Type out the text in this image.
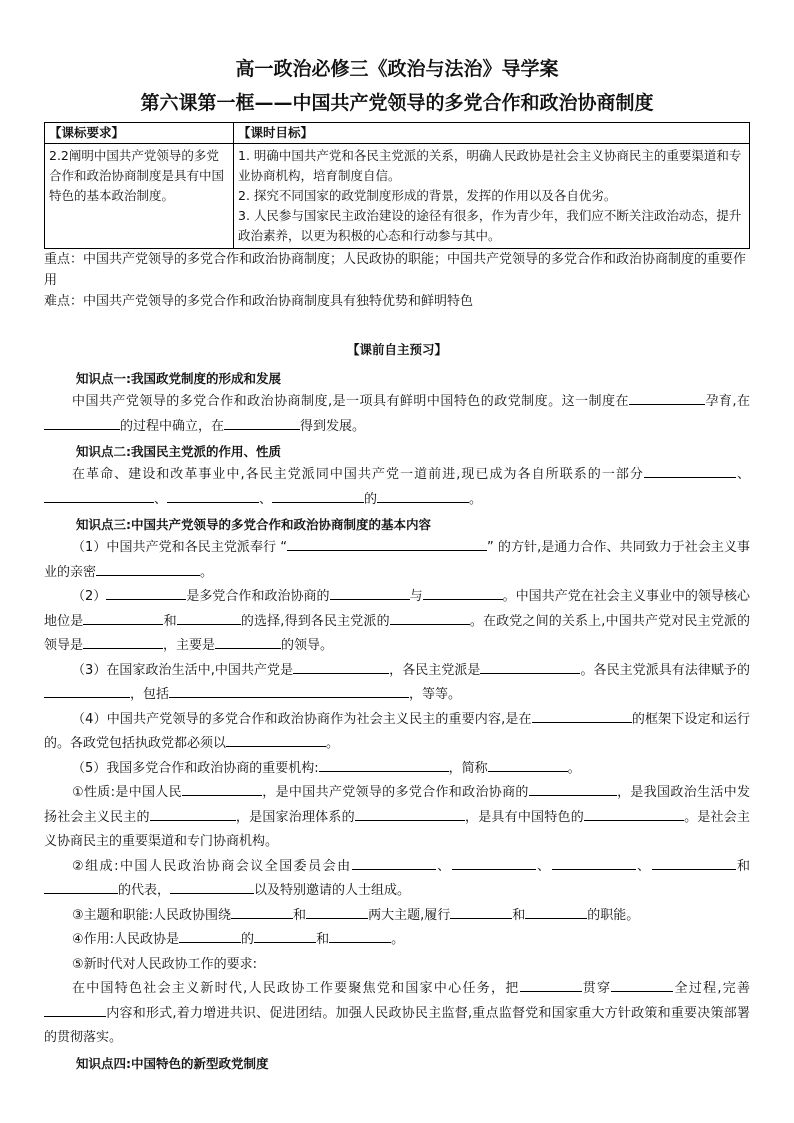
高一政治必修三《政治与法治》导学案
第六课第一框——中国共产党领导的多党合作和政治协商制度
【课标要求】	【课时目标】
2.2阐明中国共产党领导的多党合作和政治协商制度是具有中国特色的基本政治制度。	1. 明确中国共产党和各民主党派的关系，明确人民政协是社会主义协商民主的重要渠道和专业协商机构，培育制度自信。
2. 探究不同国家的政党制度形成的背景，发挥的作用以及各自优劣。
3. 人民参与国家民主政治建设的途径有很多，作为青少年，我们应不断关注政治动态，提升政治素养，以更为积极的心态和行动参与其中。

重点：中国共产党领导的多党合作和政治协商制度；人民政协的职能；中国共产党领导的多党合作和政治协商制度的重要作用

难点：中国共产党领导的多党合作和政治协商制度具有独特优势和鲜明特色

【课前自主预习】
知识点一:我国政党制度的形成和发展

中国共产党领导的多党合作和政治协商制度,是一项具有鲜明中国特色的政党制度。这一制度在	孕育,在的过程中确立，在	得到发展。

知识点二:我国民主党派的作用、性质

在革命、建设和改革事业中,各民主党派同中国共产党一道前进,现已成为各自所联系的一部分	、、	、	的	。

知识点三:中国共产党领导的多党合作和政治协商制度的基本内容

（1）中国共产党和各民主党派奉行 “	” 的方针,是通力合作、共同致力于社会主义事业的亲密	。

（2）	是多党合作和政治协商的	与	。中国共产党在社会主义事业中的领导核心地位是	和	的选择,得到各民主党派的	。在政党之间的关系上,中国共产党对民主党派的领导是	，主要是	的领导。

（3）在国家政治生活中,中国共产党是	，各民主党派是	。各民主党派具有法律赋予的，包括	，等等。

（4）中国共产党领导的多党合作和政治协商作为社会主义民主的重要内容,是在	的框架下设定和运行的。各政党包括执政党都必须以	。

（5）我国多党合作和政治协商的重要机构:	，简称	。

①性质:是中国人民	，是中国共产党领导的多党合作和政治协商的	，是我国政治生活中发扬社会主义民主的	，是国家治理体系的	，是具有中国特色的	。是社会主义协商民主的重要渠道和专门协商机构。

②组成:中国人民政治协商会议全国委员会由	、	、	、	和的代表，	以及特别邀请的人士组成。

③主题和职能:人民政协围绕	和	两大主题,履行	和	的职能。

④作用:人民政协是	的	和	。

⑤新时代对人民政协工作的要求:

在中国特色社会主义新时代,人民政协工作要聚焦党和国家中心任务，把	贯穿	全过程,完善内容和形式,着力增进共识、促进团结。加强人民政协民主监督,重点监督党和国家重大方针政策和重要决策部署的贯彻落实。

知识点四:中国特色的新型政党制度
